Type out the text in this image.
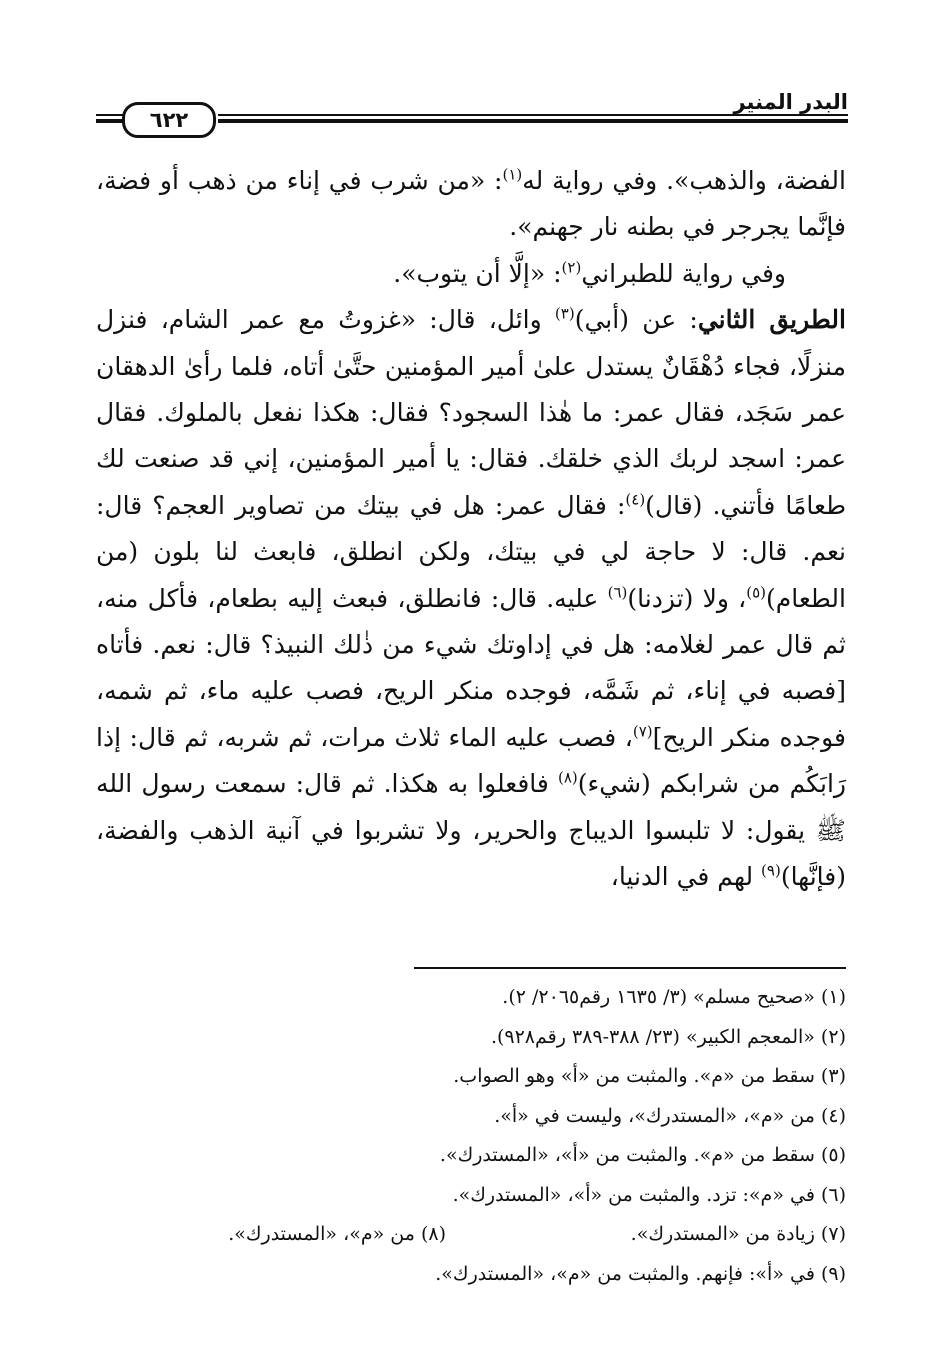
البدر المنير
٦٢٢

الفضة، والذهب». وفي رواية له$^{(١)}$: «من شرب في إناء من ذهب أو فضة، فإنَّما يجرجر في بطنه نار جهنم».

وفي رواية للطبراني$^{(٢)}$: «إلَّا أن يتوب».

الطريق الثاني: عن (أبي)$^{(٣)}$ وائل، قال: «غزوتُ مع عمر الشام، فنزل منزلًا، فجاء دُهْقَانٌ يستدل علىٰ أمير المؤمنين حتَّىٰ أتاه، فلما رأىٰ الدهقان عمر سَجَد، فقال عمر: ما هٰذا السجود؟ فقال: هكذا نفعل بالملوك. فقال عمر: اسجد لربك الذي خلقك. فقال: يا أمير المؤمنين، إني قد صنعت لك طعامًا فأتني. (قال)$^{(٤)}$: فقال عمر: هل في بيتك من تصاوير العجم؟ قال: نعم. قال: لا حاجة لي في بيتك، ولكن انطلق، فابعث لنا بلون (من الطعام)$^{(٥)}$، ولا (تزدنا)$^{(٦)}$ عليه. قال: فانطلق، فبعث إليه بطعام، فأكل منه، ثم قال عمر لغلامه: هل في إداوتك شيء من ذٰلك النبيذ؟ قال: نعم. فأتاه [فصبه في إناء، ثم شَمَّه، فوجده منكر الريح، فصب عليه ماء، ثم شمه، فوجده منكر الريح]$^{(٧)}$، فصب عليه الماء ثلاث مرات، ثم شربه، ثم قال: إذا رَابَكُم من شرابكم (شيء)$^{(٨)}$ فافعلوا به هكذا. ثم قال: سمعت رسول الله ﷺ يقول: لا تلبسوا الديباج والحرير، ولا تشربوا في آنية الذهب والفضة، (فإنَّها)$^{(٩)}$ لهم في الدنيا،

(١) «صحيح مسلم» (٣/ ١٦٣٥ رقم٢٠٦٥/ ٢).
(٢) «المعجم الكبير» (٢٣/ ٣٨٨-٣٨٩ رقم٩٢٨).
(٣) سقط من «م». والمثبت من «أ» وهو الصواب.
(٤) من «م»، «المستدرك»، وليست في «أ».
(٥) سقط من «م». والمثبت من «أ»، «المستدرك».
(٦) في «م»: تزد. والمثبت من «أ»، «المستدرك».
(٧) زيادة من «المستدرك».(٨) من «م»، «المستدرك».
(٩) في «أ»: فإنهم. والمثبت من «م»، «المستدرك».
